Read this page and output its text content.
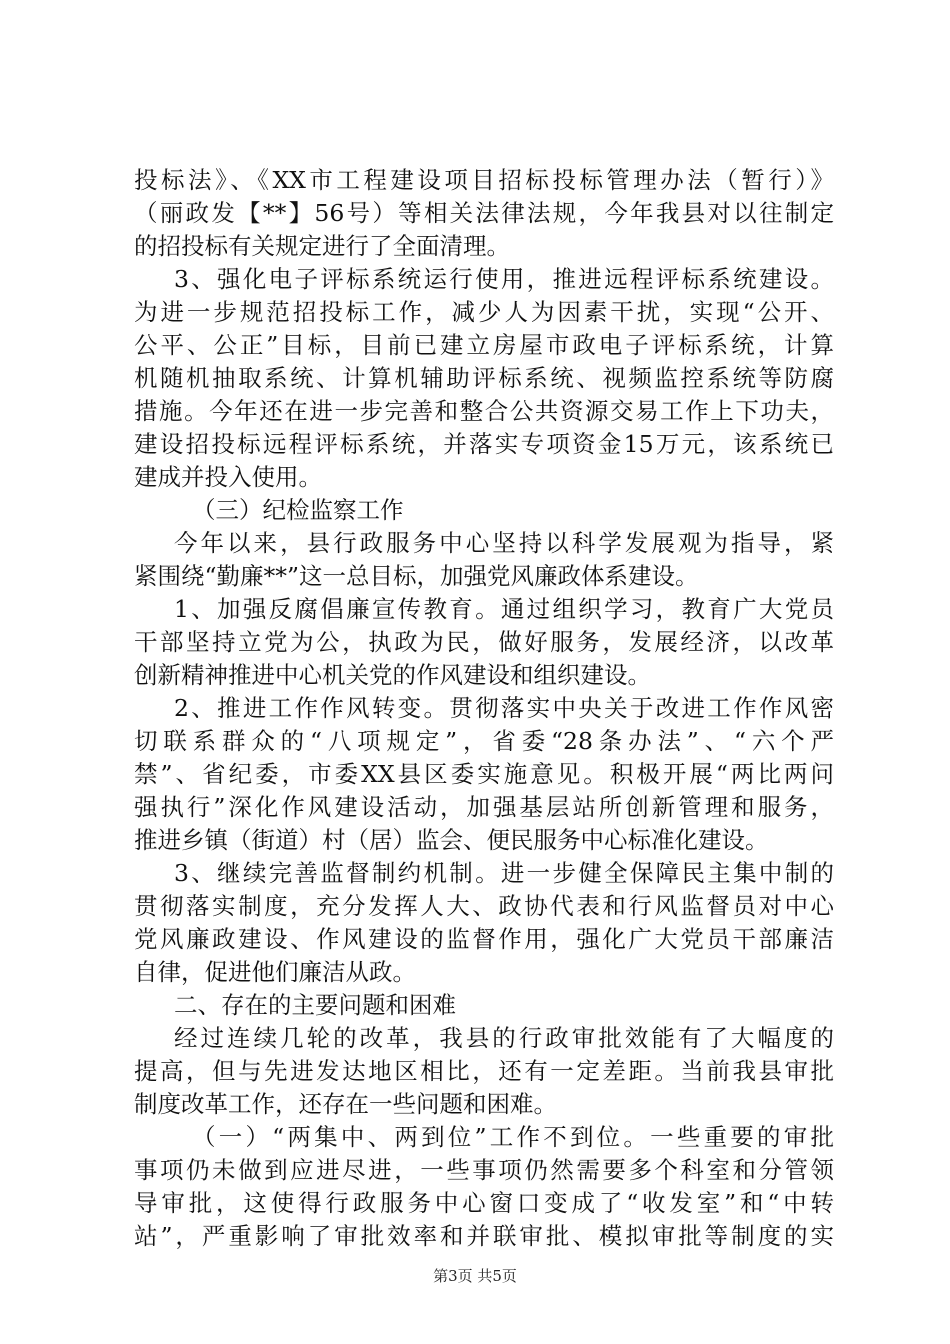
投标法》、《XX市工程建设项目招标投标管理办法（暂行）》
（丽政发【**】56号）等相关法律法规，今年我县对以往制定
的招投标有关规定进行了全面清理。
3、强化电子评标系统运行使用，推进远程评标系统建设。
为进一步规范招投标工作，减少人为因素干扰，实现“公开、
公平、公正”目标，目前已建立房屋市政电子评标系统，计算
机随机抽取系统、计算机辅助评标系统、视频监控系统等防腐
措施。今年还在进一步完善和整合公共资源交易工作上下功夫，
建设招投标远程评标系统，并落实专项资金15万元，该系统已
建成并投入使用。
（三）纪检监察工作
今年以来，县行政服务中心坚持以科学发展观为指导，紧
紧围绕“勤廉**”这一总目标，加强党风廉政体系建设。
1、加强反腐倡廉宣传教育。通过组织学习，教育广大党员
干部坚持立党为公，执政为民，做好服务，发展经济，以改革
创新精神推进中心机关党的作风建设和组织建设。
2、推进工作作风转变。贯彻落实中央关于改进工作作风密
切联系群众的“八项规定”，省委“28条办法”、“六个严
禁”、省纪委，市委XX县区委实施意见。积极开展“两比两问
强执行”深化作风建设活动，加强基层站所创新管理和服务，
推进乡镇（街道）村（居）监会、便民服务中心标准化建设。
3、继续完善监督制约机制。进一步健全保障民主集中制的
贯彻落实制度，充分发挥人大、政协代表和行风监督员对中心
党风廉政建设、作风建设的监督作用，强化广大党员干部廉洁
自律，促进他们廉洁从政。
二、存在的主要问题和困难
经过连续几轮的改革，我县的行政审批效能有了大幅度的
提高，但与先进发达地区相比，还有一定差距。当前我县审批
制度改革工作，还存在一些问题和困难。
（一）“两集中、两到位”工作不到位。一些重要的审批
事项仍未做到应进尽进，一些事项仍然需要多个科室和分管领
导审批，这使得行政服务中心窗口变成了“收发室”和“中转
站”，严重影响了审批效率和并联审批、模拟审批等制度的实
第3页 共5页
